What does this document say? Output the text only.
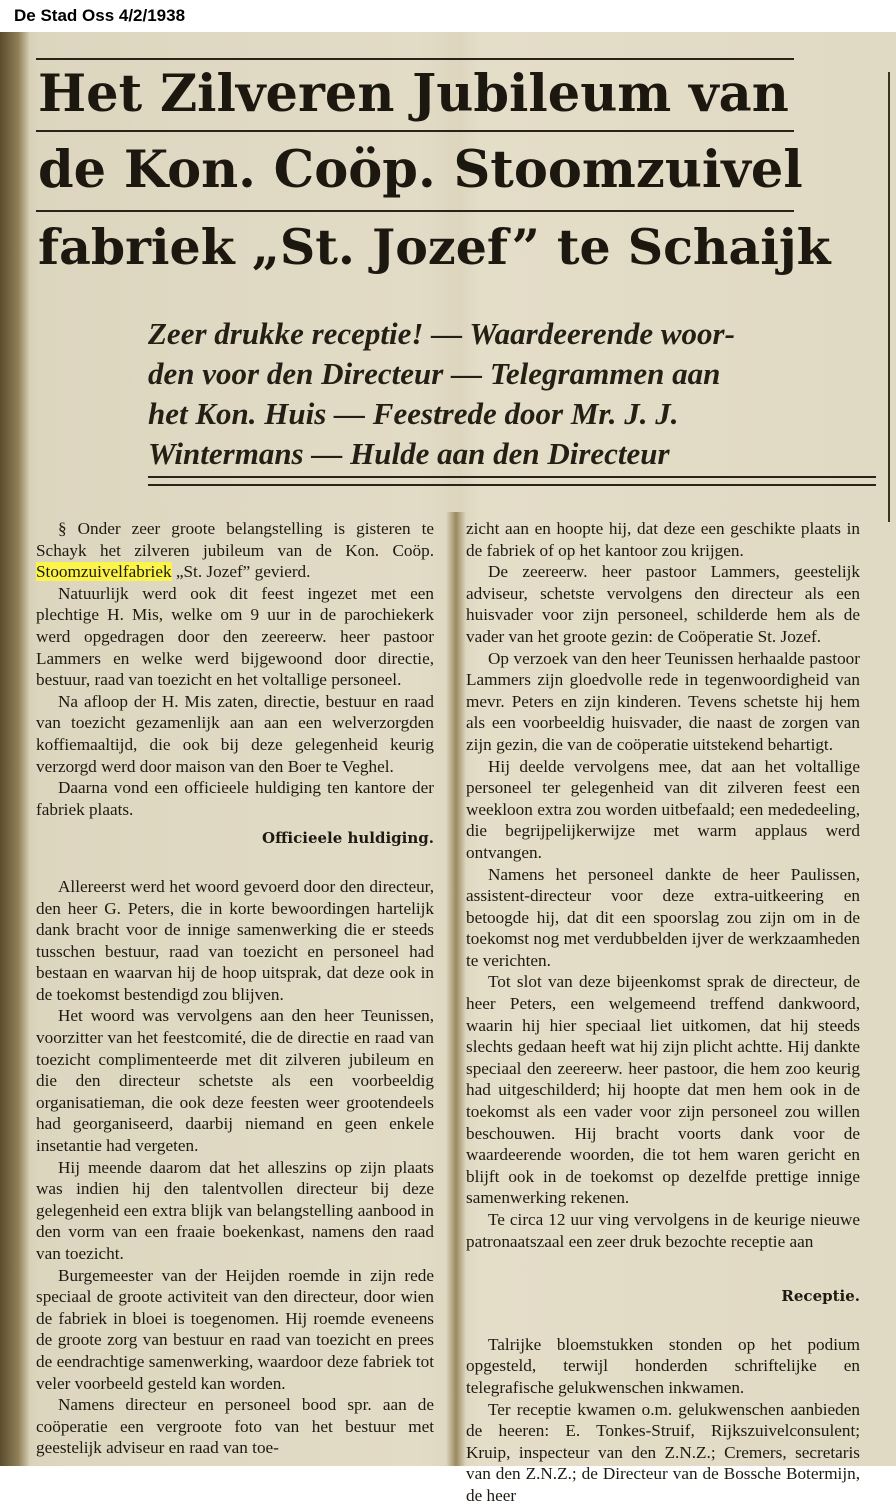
De Stad Oss 4/2/1938
Het Zilveren Jubileum van
de Kon. Coöp. Stoomzuivel
fabriek „St. Jozef” te Schaijk
Zeer drukke receptie! — Waardeerende woor-
den voor den Directeur — Telegrammen aan
het Kon. Huis — Feestrede door Mr. J. J.
Wintermans — Hulde aan den Directeur

§ Onder zeer groote belangstelling is gisteren te Schayk het zilveren jubileum van de Kon. Coöp. Stoomzuivelfabriek „St. Jozef” gevierd.

Natuurlijk werd ook dit feest ingezet met een plechtige H. Mis, welke om 9 uur in de parochiekerk werd opgedragen door den zeereerw. heer pastoor Lammers en welke werd bijgewoond door directie, bestuur, raad van toezicht en het voltallige personeel.

Na afloop der H. Mis zaten, directie, bestuur en raad van toezicht gezamenlijk aan aan een welverzorgden koffiemaaltijd, die ook bij deze gelegenheid keurig verzorgd werd door maison van den Boer te Veghel.

Daarna vond een officieele huldiging ten kantore der fabriek plaats.

Officieele huldiging.

Allereerst werd het woord gevoerd door den directeur, den heer G. Peters, die in korte bewoordingen hartelijk dank bracht voor de innige samenwerking die er steeds tusschen bestuur, raad van toezicht en personeel had bestaan en waarvan hij de hoop uitsprak, dat deze ook in de toekomst bestendigd zou blijven.

Het woord was vervolgens aan den heer Teunissen, voorzitter van het feestcomité, die de directie en raad van toezicht complimenteerde met dit zilveren jubileum en die den directeur schetste als een voorbeeldig organisatieman, die ook deze feesten weer grootendeels had georganiseerd, daarbij niemand en geen enkele insetantie had vergeten.

Hij meende daarom dat het alleszins op zijn plaats was indien hij den talentvollen directeur bij deze gelegenheid een extra blijk van belangstelling aanbood in den vorm van een fraaie boekenkast, namens den raad van toezicht.

Burgemeester van der Heijden roemde in zijn rede speciaal de groote activiteit van den directeur, door wien de fabriek in bloei is toegenomen. Hij roemde eveneens de groote zorg van bestuur en raad van toezicht en prees de eendrachtige samenwerking, waardoor deze fabriek tot veler voorbeeld gesteld kan worden.

Namens directeur en personeel bood spr. aan de coöperatie een vergroote foto van het bestuur met geestelijk adviseur en raad van toe-

zicht aan en hoopte hij, dat deze een geschikte plaats in de fabriek of op het kantoor zou krijgen.

De zeereerw. heer pastoor Lammers, geestelijk adviseur, schetste vervolgens den directeur als een huisvader voor zijn personeel, schilderde hem als de vader van het groote gezin: de Coöperatie St. Jozef.

Op verzoek van den heer Teunissen herhaalde pastoor Lammers zijn gloedvolle rede in tegenwoordigheid van mevr. Peters en zijn kinderen. Tevens schetste hij hem als een voorbeeldig huisvader, die naast de zorgen van zijn gezin, die van de coöperatie uitstekend behartigt.

Hij deelde vervolgens mee, dat aan het voltallige personeel ter gelegenheid van dit zilveren feest een weekloon extra zou worden uitbefaald; een mededeeling, die begrijpelijkerwijze met warm applaus werd ontvangen.

Namens het personeel dankte de heer Paulissen, assistent-directeur voor deze extra-uitkeering en betoogde hij, dat dit een spoorslag zou zijn om in de toekomst nog met verdubbelden ijver de werkzaamheden te verichten.

Tot slot van deze bijeenkomst sprak de directeur, de heer Peters, een welgemeend treffend dankwoord, waarin hij hier speciaal liet uitkomen, dat hij steeds slechts gedaan heeft wat hij zijn plicht achtte. Hij dankte speciaal den zeereerw. heer pastoor, die hem zoo keurig had uitgeschilderd; hij hoopte dat men hem ook in de toekomst als een vader voor zijn personeel zou willen beschouwen. Hij bracht voorts dank voor de waardeerende woorden, die tot hem waren gericht en blijft ook in de toekomst op dezelfde prettige innige samenwerking rekenen.

Te circa 12 uur ving vervolgens in de keurige nieuwe patronaatszaal een zeer druk bezochte receptie aan

Receptie.

Talrijke bloemstukken stonden op het podium opgesteld, terwijl honderden schriftelijke en telegrafische gelukwenschen inkwamen.

Ter receptie kwamen o.m. gelukwenschen aanbieden de heeren: E. Tonkes-Struif, Rijkszuivelconsulent; Kruip, inspecteur van den Z.N.Z.; Cremers, secretaris van den Z.N.Z.; de Directeur van de Bossche Botermijn, de heer
